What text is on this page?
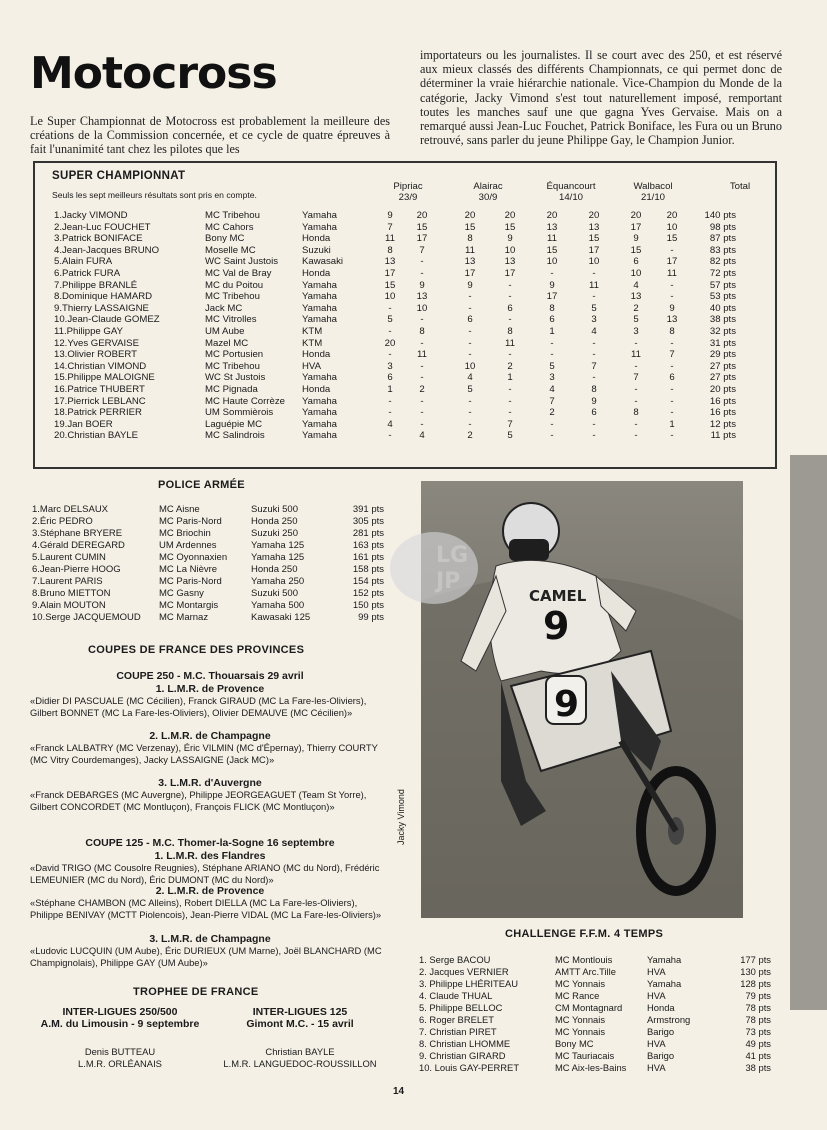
Motocross
Le Super Championnat de Motocross est probablement la meilleure des créations de la Commission concernée, et ce cycle de quatre épreuves à fait l'unanimité tant chez les pilotes que les
importateurs ou les journalistes. Il se court avec des 250, et est réservé aux mieux classés des différents Championnats, ce qui permet donc de déterminer la vraie hiérarchie nationale. Vice-Champion du Monde de la catégorie, Jacky Vimond s'est tout naturellement imposé, remportant toutes les manches sauf une que gagna Yves Gervaise. Mais on a remarqué aussi Jean-Luc Fouchet, Patrick Boniface, les Fura ou un Bruno retrouvé, sans parler du jeune Philippe Gay, le Champion Junior.
SUPER CHAMPIONNAT
Seuls les sept meilleurs résultats sont pris en compte.
Pipriac
23/9
Alairac
30/9
Équancourt
14/10
Walbacol
21/10
Total
1.Jacky VIMOND	MC Tribehou	Yamaha	9	20	20	20	20	20	20	20	140 pts
2.Jean-Luc FOUCHET	MC Cahors	Yamaha	7	15	15	15	13	13	17	10	98 pts
3.Patrick BONIFACE	Bony MC	Honda	11	17	8	9	11	15	9	15	87 pts
4.Jean-Jacques BRUNO	Moselle MC	Suzuki	8	7	11	10	15	17	15	-	83 pts
5.Alain FURA	WC Saint Justois Kawasaki	13	-	13	13	10	10	6	17	82 pts
6.Patrick FURA	MC Val de Bray	Honda	17	-	17	17	-	-	10	11	72 pts
7.Philippe BRANLÉ	MC du Poitou	Yamaha	15	9	9	-	9	11	4	-	57 pts
8.Dominique HAMARD	MC Tribehou	Yamaha	10	13	-	-	17	-	13	-	53 pts
9.Thierry LASSAIGNE	Jack MC	Yamaha	-	10	-	6	8	5	2	9	40 pts
10.Jean-Claude GOMEZ	MC Vitrolles	Yamaha	5	-	6	-	6	3	5	13	38 pts
11.Philippe GAY	UM Aube	KTM	-	8	-	8	1	4	3	8	32 pts
12.Yves GERVAISE	Mazel MC	KTM	20	-	-	11	-	-	-	-	31 pts
13.Olivier ROBERT	MC Portusien	Honda	-	11	-	-	-	-	11	7	29 pts
14.Christian VIMOND	MC Tribehou	HVA	3	-	10	2	5	7	-	-	27 pts
15.Philippe MALOIGNE	WC St Justois	Yamaha	6	-	4	1	3	-	7	6	27 pts
16.Patrice THUBERT	MC Pignada	Honda	1	2	5	-	4	8	-	-	20 pts
17.Pierrick LEBLANC	MC Haute Corrèze Yamaha	-	-	-	-	7	9	-	-	16 pts
18.Patrick PERRIER	UM Sommièrois	Yamaha	-	-	-	-	2	6	8	-	16 pts
19.Jan BOER	Laguépie MC	Yamaha	4	-	-	7	-	-	-	1	12 pts
20.Christian BAYLE	MC Salindrois	Yamaha	-	4	2	5	-	-	-	-	11 pts
POLICE ARMÉE
1.Marc DELSAUX	MC Aisne	Suzuki 500	391 pts
2.Éric PEDRO	MC Paris-Nord	Honda 250	305 pts
3.Stéphane BRYERE	MC Briochin	Suzuki 250	281 pts
4.Gérald DEREGARD	UM Ardennes	Yamaha 125	163 pts
5.Laurent CUMIN	MC Oyonnaxien	Yamaha 125	161 pts
6.Jean-Pierre HOOG	MC La Nièvre	Honda 250	158 pts
7.Laurent PARIS	MC Paris-Nord	Yamaha 250	154 pts
8.Bruno MIETTON	MC Gasny	Suzuki 500	152 pts
9.Alain MOUTON	MC Montargis	Yamaha 500	150 pts
10.Serge JACQUEMOUD MC Marnaz	Kawasaki 125	99 pts
COUPES DE FRANCE DES PROVINCES
COUPE 250 - M.C. Thouarsais 29 avril
1. L.M.R. de Provence
«Didier DI PASCUALE (MC Cécilien), Franck GIRAUD (MC La Fare-les-Oliviers), Gilbert BONNET (MC La Fare-les-Oliviers), Olivier DEMAUVE (MC Cécilien)»
2. L.M.R. de Champagne
«Franck LALBATRY (MC Verzenay), Éric VILMIN (MC d'Épernay), Thierry COURTY (MC Vitry Courdemanges), Jacky LASSAIGNE (Jack MC)»
3. L.M.R. d'Auvergne
«Franck DEBARGES (MC Auvergne), Philippe JEORGEAGUET (Team St Yorre), Gilbert CONCORDET (MC Montluçon), François FLICK (MC Montluçon)»
COUPE 125 - M.C. Thomer-la-Sogne 16 septembre
1. L.M.R. des Flandres
«David TRIGO (MC Cousolre Reugnies), Stéphane ARIANO (MC du Nord), Frédéric LEMEUNIER (MC du Nord), Éric DUMONT (MC du Nord)»
2. L.M.R. de Provence
«Stéphane CHAMBON (MC Alleins), Robert DIELLA (MC La Fare-les-Oliviers), Philippe BENIVAY (MCTT Piolencois), Jean-Pierre VIDAL (MC La Fare-les-Oliviers)»
3. L.M.R. de Champagne
«Ludovic LUCQUIN (UM Aube), Éric DURIEUX (UM Marne), Joël BLANCHARD (MC Champignolais), Philippe GAY (UM Aube)»
TROPHEE DE FRANCE
INTER-LIGUES 250/500
A.M. du Limousin - 9 septembre
INTER-LIGUES 125
Gimont M.C. - 15 avril
Denis BUTTEAU
L.M.R. ORLÉANAIS
Christian BAYLE
L.M.R. LANGUEDOC-ROUSSILLON
CAMEL
9
9
LG
JP
Jacky Vimond
CHALLENGE F.F.M. 4 TEMPS
1. Serge BACOU	MC Montlouis	Yamaha	177 pts
2. Jacques VERNIER	AMTT Arc.Tille	HVA	130 pts
3. Philippe LHÉRITEAU	MC Yonnais	Yamaha	128 pts
4. Claude THUAL	MC Rance	HVA	79 pts
5. Philippe BELLOC	CM Montagnard	Honda	78 pts
6. Roger BRELET	MC Yonnais	Armstrong	78 pts
7. Christian PIRET	MC Yonnais	Barigo	73 pts
8. Christian LHOMME	Bony MC	HVA	49 pts
9. Christian GIRARD	MC Tauriacais	Barigo	41 pts
10. Louis GAY-PERRET	MC Aix-les-Bains HVA	38 pts
14
